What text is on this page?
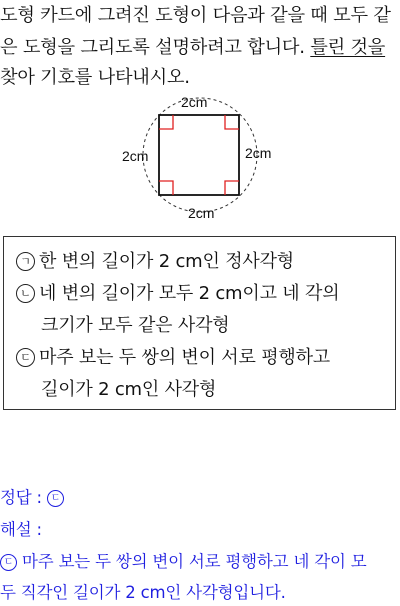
도형 카드에 그려진 도형이 다음과 같을 때 모두 같
은 도형을 그리도록 설명하려고 합니다. 틀린 것을
찾아 기호를 나타내시오.
2cm
2cm	2cm
2cm
ㄱ 한 변의 길이가 2 cm인 정사각형
ㄴ 네 변의 길이가 모두 2 cm이고 네 각의
크기가 모두 같은 사각형
ㄷ 마주 보는 두 쌍의 변이 서로 평행하고
길이가 2 cm인 사각형
정답 : ㄷ
해설 :
ㄷ 마주 보는 두 쌍의 변이 서로 평행하고 네 각이 모
두 직각인 길이가 2 cm인 사각형입니다.
